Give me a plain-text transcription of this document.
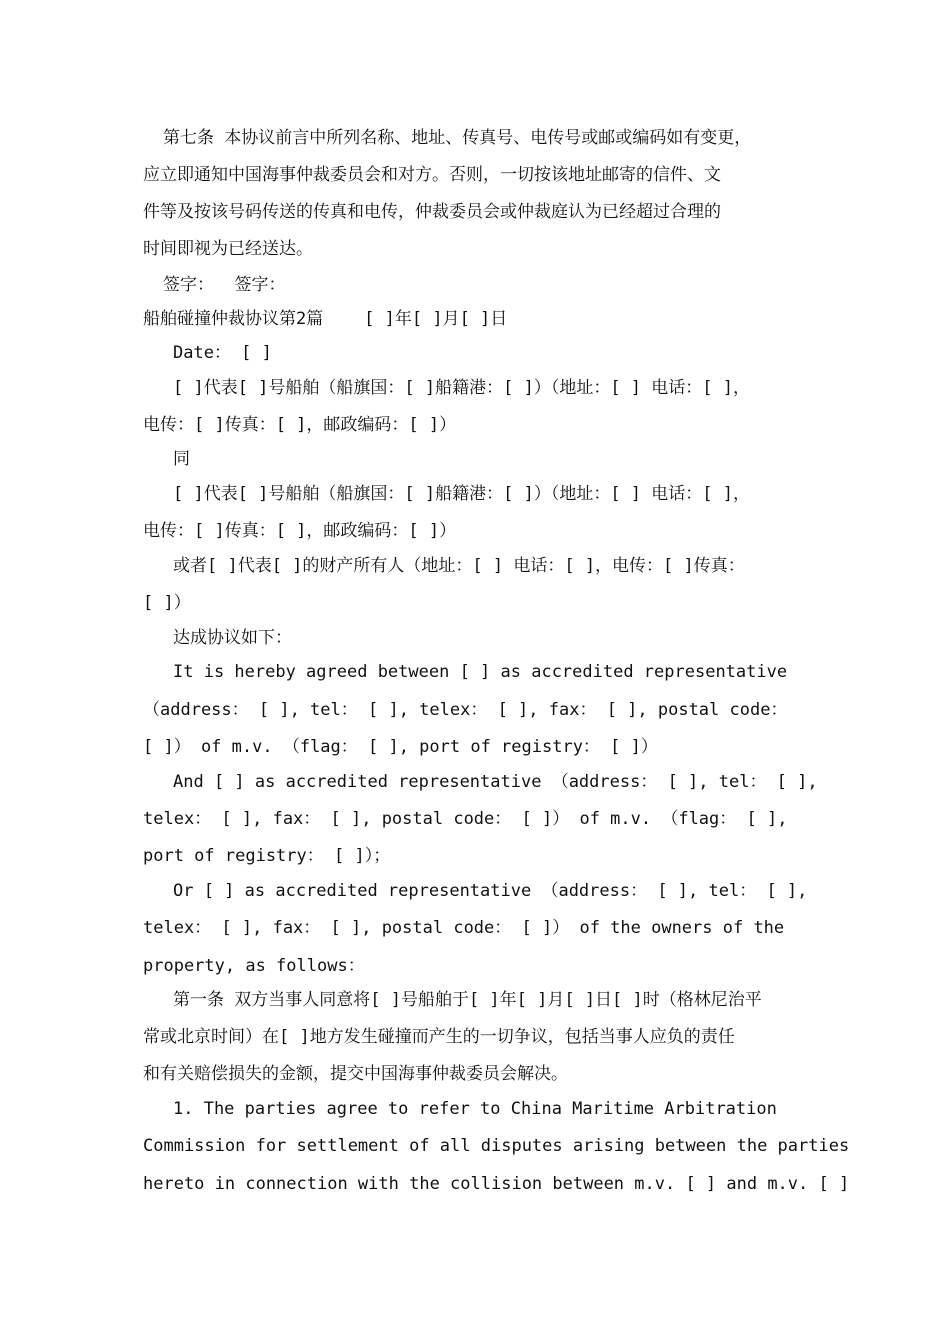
第七条 本协议前言中所列名称、地址、传真号、电传号或邮或编码如有变更，
应立即通知中国海事仲裁委员会和对方。否则，一切按该地址邮寄的信件、文
件等及按该号码传送的传真和电传，仲裁委员会或仲裁庭认为已经超过合理的
时间即视为已经送达。
签字：  签字：
船舶碰撞仲裁协议第2篇    [ ]年[ ]月[ ]日
Date： [ ]
[ ]代表[ ]号船舶（船旗国：[ ]船籍港：[ ]）（地址：[ ] 电话：[ ]，
电传：[ ]传真：[ ]，邮政编码：[ ]）
同
[ ]代表[ ]号船舶（船旗国：[ ]船籍港：[ ]）（地址：[ ] 电话：[ ]，
电传：[ ]传真：[ ]，邮政编码：[ ]）
或者[ ]代表[ ]的财产所有人（地址：[ ] 电话：[ ]，电传：[ ]传真：
[ ]）
达成协议如下：
It is hereby agreed between [ ] as accredited representative
（address： [ ], tel： [ ], telex： [ ], fax： [ ], postal code：
[ ]） of m.v. （flag： [ ], port of registry： [ ]）
And [ ] as accredited representative （address： [ ], tel： [ ],
telex： [ ], fax： [ ], postal code： [ ]） of m.v. （flag： [ ],
port of registry： [ ]）；
Or [ ] as accredited representative （address： [ ], tel： [ ],
telex： [ ], fax： [ ], postal code： [ ]） of the owners of the
property, as follows：
第一条 双方当事人同意将[ ]号船舶于[ ]年[ ]月[ ]日[ ]时（格林尼治平
常或北京时间）在[ ]地方发生碰撞而产生的一切争议，包括当事人应负的责任
和有关赔偿损失的金额，提交中国海事仲裁委员会解决。
1. The parties agree to refer to China Maritime Arbitration
Commission for settlement of all disputes arising between the parties
hereto in connection with the collision between m.v. [ ] and m.v. [ ]
